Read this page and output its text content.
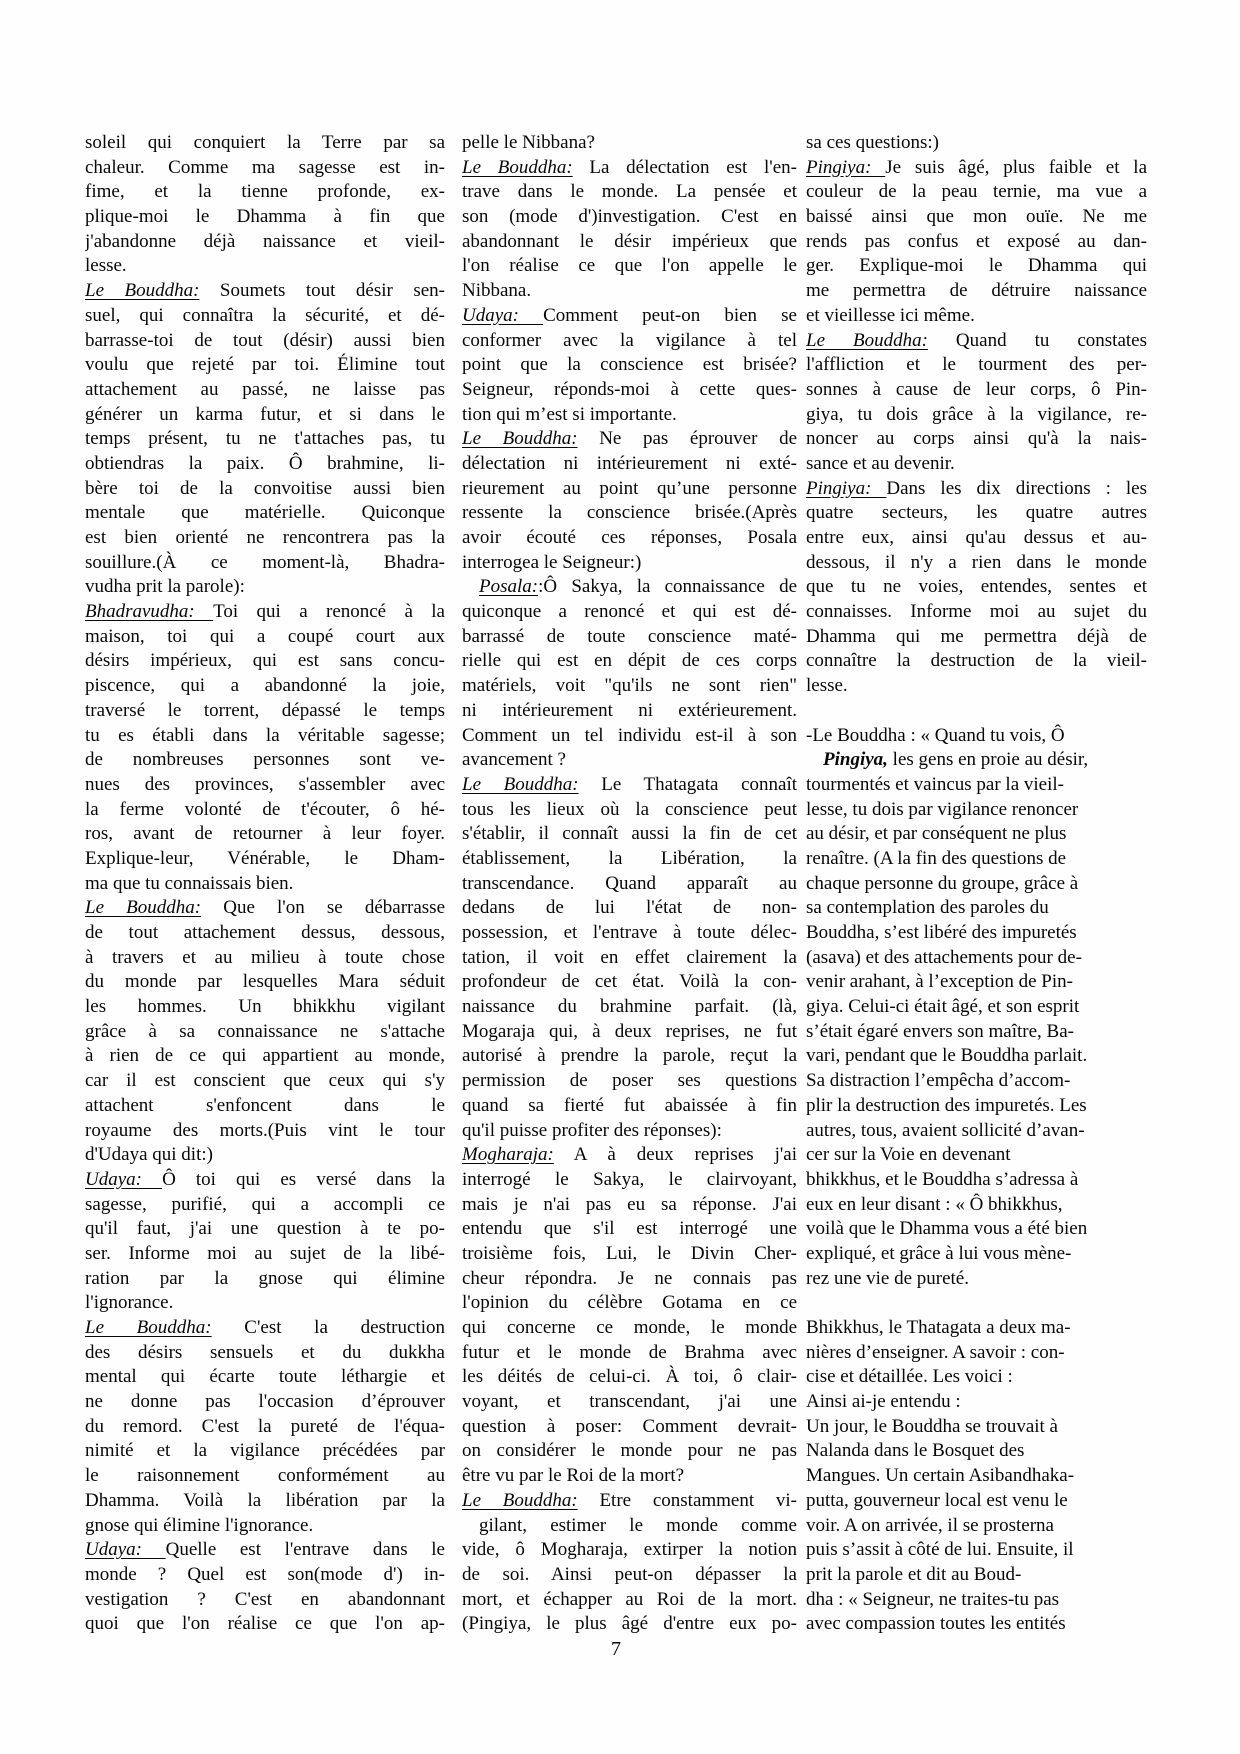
soleil qui conquiert la Terre par sa
chaleur. Comme ma sagesse est in-
fime, et la tienne profonde, ex-
plique-moi le Dhamma à fin que
j'abandonne déjà naissance et vieil-
lesse.
Le Bouddha: Soumets tout désir sen-
suel, qui connaîtra la sécurité, et dé-
barrasse-toi de tout (désir) aussi bien
voulu que rejeté par toi. Élimine tout
attachement au passé, ne laisse pas
générer un karma futur, et si dans le
temps présent, tu ne t'attaches pas, tu
obtiendras la paix. Ô brahmine, li-
bère toi de la convoitise aussi bien
mentale que matérielle. Quiconque
est bien orienté ne rencontrera pas la
souillure.(À ce moment-là, Bhadra-
vudha prit la parole):
Bhadravudha: Toi qui a renoncé à la
maison, toi qui a coupé court aux
désirs impérieux, qui est sans concu-
piscence, qui a abandonné la joie,
traversé le torrent, dépassé le temps
tu es établi dans la véritable sagesse;
de nombreuses personnes sont ve-
nues des provinces, s'assembler avec
la ferme volonté de t'écouter, ô hé-
ros, avant de retourner à leur foyer.
Explique-leur, Vénérable, le Dham-
ma que tu connaissais bien.
Le Bouddha: Que l'on se débarrasse
de tout attachement dessus, dessous,
à travers et au milieu à toute chose
du monde par lesquelles Mara séduit
les hommes. Un bhikkhu vigilant
grâce à sa connaissance ne s'attache
à rien de ce qui appartient au monde,
car il est conscient que ceux qui s'y
attachent s'enfoncent dans le
royaume des morts.(Puis vint le tour
d'Udaya qui dit:)
Udaya: Ô toi qui es versé dans la
sagesse, purifié, qui a accompli ce
qu'il faut, j'ai une question à te po-
ser. Informe moi au sujet de la libé-
ration par la gnose qui élimine
l'ignorance.
Le Bouddha: C'est la destruction
des désirs sensuels et du dukkha
mental qui écarte toute léthargie et
ne donne pas l'occasion d’éprouver
du remord. C'est la pureté de l'équa-
nimité et la vigilance précédées par
le raisonnement conformément au
Dhamma. Voilà la libération par la
gnose qui élimine l'ignorance.
Udaya: Quelle est l'entrave dans le
monde ? Quel est son(mode d') in-
vestigation ? C'est en abandonnant
quoi que l'on réalise ce que l'on ap-
pelle le Nibbana?
Le Bouddha: La délectation est l'en-
trave dans le monde. La pensée et
son (mode d')investigation. C'est en
abandonnant le désir impérieux que
l'on réalise ce que l'on appelle le
Nibbana.
Udaya: Comment peut-on bien se
conformer avec la vigilance à tel
point que la conscience est brisée?
Seigneur, réponds-moi à cette ques-
tion qui m’est si importante.
Le Bouddha: Ne pas éprouver de
délectation ni intérieurement ni exté-
rieurement au point qu’une personne
ressente la conscience brisée.(Après
avoir écouté ces réponses, Posala
interrogea le Seigneur:)
Posala::Ô Sakya, la connaissance de
quiconque a renoncé et qui est dé-
barrassé de toute conscience maté-
rielle qui est en dépit de ces corps
matériels, voit "qu'ils ne sont rien"
ni intérieurement ni extérieurement.
Comment un tel individu est-il à son
avancement ?
Le Bouddha: Le Thatagata connaît
tous les lieux où la conscience peut
s'établir, il connaît aussi la fin de cet
établissement, la Libération, la
transcendance. Quand apparaît au
dedans de lui l'état de non-
possession, et l'entrave à toute délec-
tation, il voit en effet clairement la
profondeur de cet état. Voilà la con-
naissance du brahmine parfait. (là,
Mogaraja qui, à deux reprises, ne fut
autorisé à prendre la parole, reçut la
permission de poser ses questions
quand sa fierté fut abaissée à fin
qu'il puisse profiter des réponses):
Mogharaja: A à deux reprises j'ai
interrogé le Sakya, le clairvoyant,
mais je n'ai pas eu sa réponse. J'ai
entendu que s'il est interrogé une
troisième fois, Lui, le Divin Cher-
cheur répondra. Je ne connais pas
l'opinion du célèbre Gotama en ce
qui concerne ce monde, le monde
futur et le monde de Brahma avec
les déités de celui-ci. À toi, ô clair-
voyant, et transcendant, j'ai une
question à poser: Comment devrait-
on considérer le monde pour ne pas
être vu par le Roi de la mort?
Le Bouddha: Etre constamment vi-
gilant, estimer le monde comme
vide, ô Mogharaja, extirper la notion
de soi. Ainsi peut-on dépasser la
mort, et échapper au Roi de la mort.
(Pingiya, le plus âgé d'entre eux po-
sa ces questions:)
Pingiya: Je suis âgé, plus faible et la
couleur de la peau ternie, ma vue a
baissé ainsi que mon ouïe. Ne me
rends pas confus et exposé au dan-
ger. Explique-moi le Dhamma qui
me permettra de détruire naissance
et vieillesse ici même.
Le Bouddha: Quand tu constates
l'affliction et le tourment des per-
sonnes à cause de leur corps, ô Pin-
giya, tu dois grâce à la vigilance, re-
noncer au corps ainsi qu'à la nais-
sance et au devenir.
Pingiya: Dans les dix directions : les
quatre secteurs, les quatre autres
entre eux, ainsi qu'au dessus et au-
dessous, il n'y a rien dans le monde
que tu ne voies, entendes, sentes et
connaisses. Informe moi au sujet du
Dhamma qui me permettra déjà de
connaître la destruction de la vieil-
lesse.
-Le Bouddha : « Quand tu vois, Ô
Pingiya, les gens en proie au désir,
tourmentés et vaincus par la vieil-
lesse, tu dois par vigilance renoncer
au désir, et par conséquent ne plus
renaître. (A la fin des questions de
chaque personne du groupe, grâce à
sa contemplation des paroles du
Bouddha, s’est libéré des impuretés
(asava) et des attachements pour de-
venir arahant, à l’exception de Pin-
giya. Celui-ci était âgé, et son esprit
s’était égaré envers son maître, Ba-
vari, pendant que le Bouddha parlait.
Sa distraction l’empêcha d’accom-
plir la destruction des impuretés. Les
autres, tous, avaient sollicité d’avan-
cer sur la Voie en devenant
bhikkhus, et le Bouddha s’adressa à
eux en leur disant : « Ô bhikkhus,
voilà que le Dhamma vous a été bien
expliqué, et grâce à lui vous mène-
rez une vie de pureté.
Bhikkhus, le Thatagata a deux ma-
nières d’enseigner. A savoir : con-
cise et détaillée. Les voici :
Ainsi ai-je entendu :
Un jour, le Bouddha se trouvait à
Nalanda dans le Bosquet des
Mangues. Un certain Asibandhaka-
putta, gouverneur local est venu le
voir. A on arrivée, il se prosterna
puis s’assit à côté de lui. Ensuite, il
prit la parole et dit au Boud-
dha : « Seigneur, ne traites-tu pas
avec compassion toutes les entités
7
